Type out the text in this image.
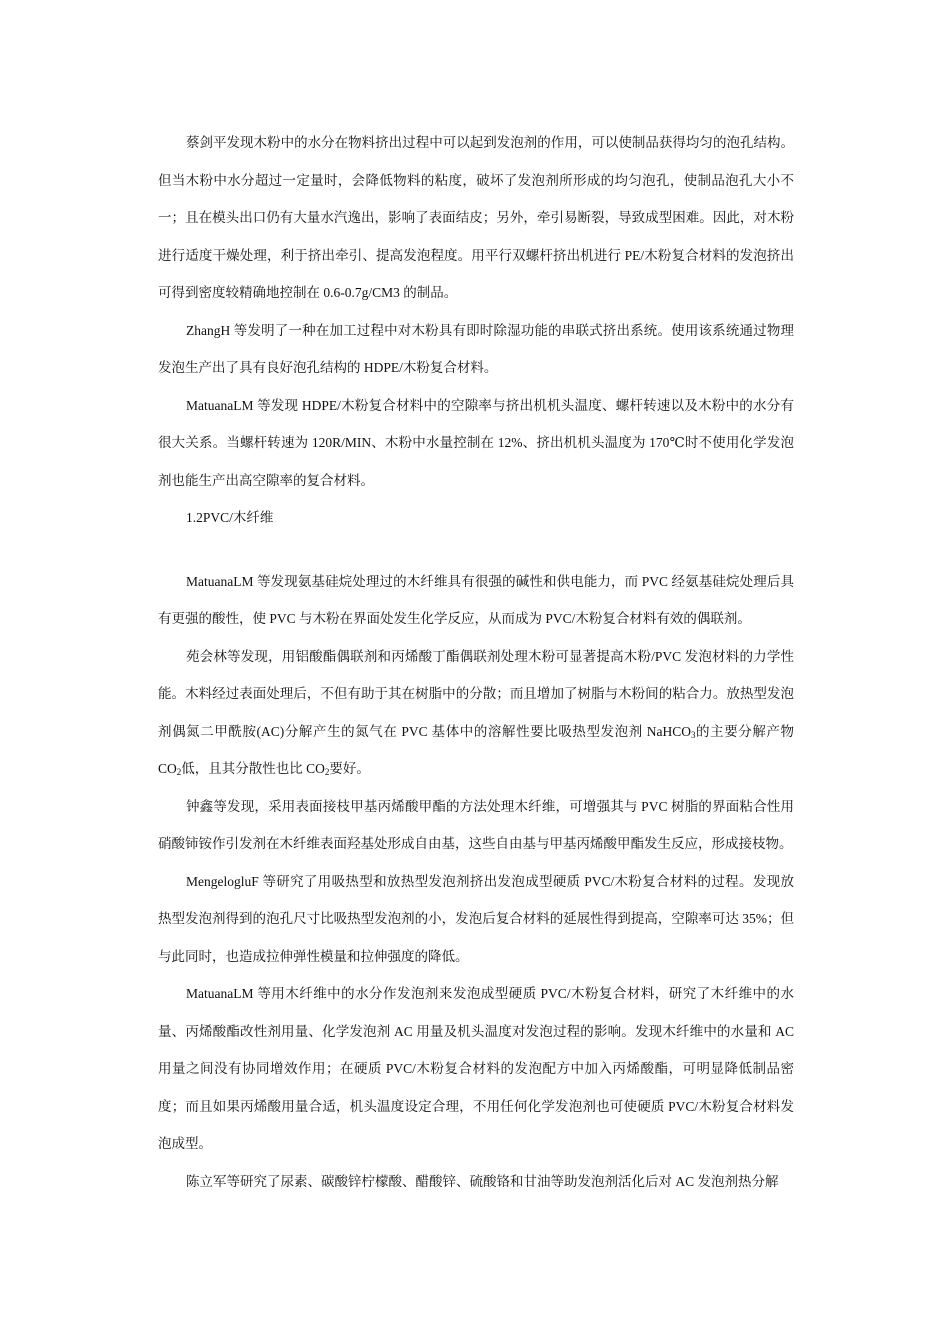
蔡剑平发现木粉中的水分在物料挤出过程中可以起到发泡剂的作用，可以使制品获得均匀的泡孔结构。但当木粉中水分超过一定量时，会降低物料的粘度，破坏了发泡剂所形成的均匀泡孔，使制品泡孔大小不一；且在模头出口仍有大量水汽逸出，影响了表面结皮；另外，牵引易断裂，导致成型困难。因此，对木粉进行适度干燥处理，利于挤出牵引、提高发泡程度。用平行双螺杆挤出机进行 PE/木粉复合材料的发泡挤出可得到密度较精确地控制在 0.6-0.7g/CM3 的制品。

ZhangH 等发明了一种在加工过程中对木粉具有即时除湿功能的串联式挤出系统。使用该系统通过物理发泡生产出了具有良好泡孔结构的 HDPE/木粉复合材料。

MatuanaLM 等发现 HDPE/木粉复合材料中的空隙率与挤出机机头温度、螺杆转速以及木粉中的水分有很大关系。当螺杆转速为 120R/MIN、木粉中水量控制在 12%、挤出机机头温度为 170℃时不使用化学发泡剂也能生产出高空隙率的复合材料。

1.2PVC/木纤维

MatuanaLM 等发现氨基硅烷处理过的木纤维具有很强的碱性和供电能力，而 PVC 经氨基硅烷处理后具有更强的酸性，使 PVC 与木粉在界面处发生化学反应，从而成为 PVC/木粉复合材料有效的偶联剂。

苑会林等发现，用铝酸酯偶联剂和丙烯酸丁酯偶联剂处理木粉可显著提高木粉/PVC 发泡材料的力学性能。木料经过表面处理后，不但有助于其在树脂中的分散；而且增加了树脂与木粉间的粘合力。放热型发泡剂偶氮二甲酰胺(AC)分解产生的氮气在 PVC 基体中的溶解性要比吸热型发泡剂 NaHCO$_3$的主要分解产物 $CO_2$低，且其分散性也比 $CO_2$要好。

钟鑫等发现，采用表面接枝甲基丙烯酸甲酯的方法处理木纤维，可增强其与 PVC 树脂的界面粘合性用硝酸铈铵作引发剂在木纤维表面羟基处形成自由基，这些自由基与甲基丙烯酸甲酯发生反应，形成接枝物。

MengelogluF 等研究了用吸热型和放热型发泡剂挤出发泡成型硬质 PVC/木粉复合材料的过程。发现放热型发泡剂得到的泡孔尺寸比吸热型发泡剂的小，发泡后复合材料的延展性得到提高，空隙率可达 35%；但与此同时，也造成拉伸弹性模量和拉伸强度的降低。

MatuanaLM 等用木纤维中的水分作发泡剂来发泡成型硬质 PVC/木粉复合材料，研究了木纤维中的水量、丙烯酸酯改性剂用量、化学发泡剂 AC 用量及机头温度对发泡过程的影响。发现木纤维中的水量和 AC 用量之间没有协同增效作用；在硬质 PVC/木粉复合材料的发泡配方中加入丙烯酸酯，可明显降低制品密度；而且如果丙烯酸用量合适，机头温度设定合理，不用任何化学发泡剂也可使硬质 PVC/木粉复合材料发泡成型。

陈立军等研究了尿素、碳酸锌柠檬酸、醋酸锌、硫酸铬和甘油等助发泡剂活化后对 AC 发泡剂热分解
